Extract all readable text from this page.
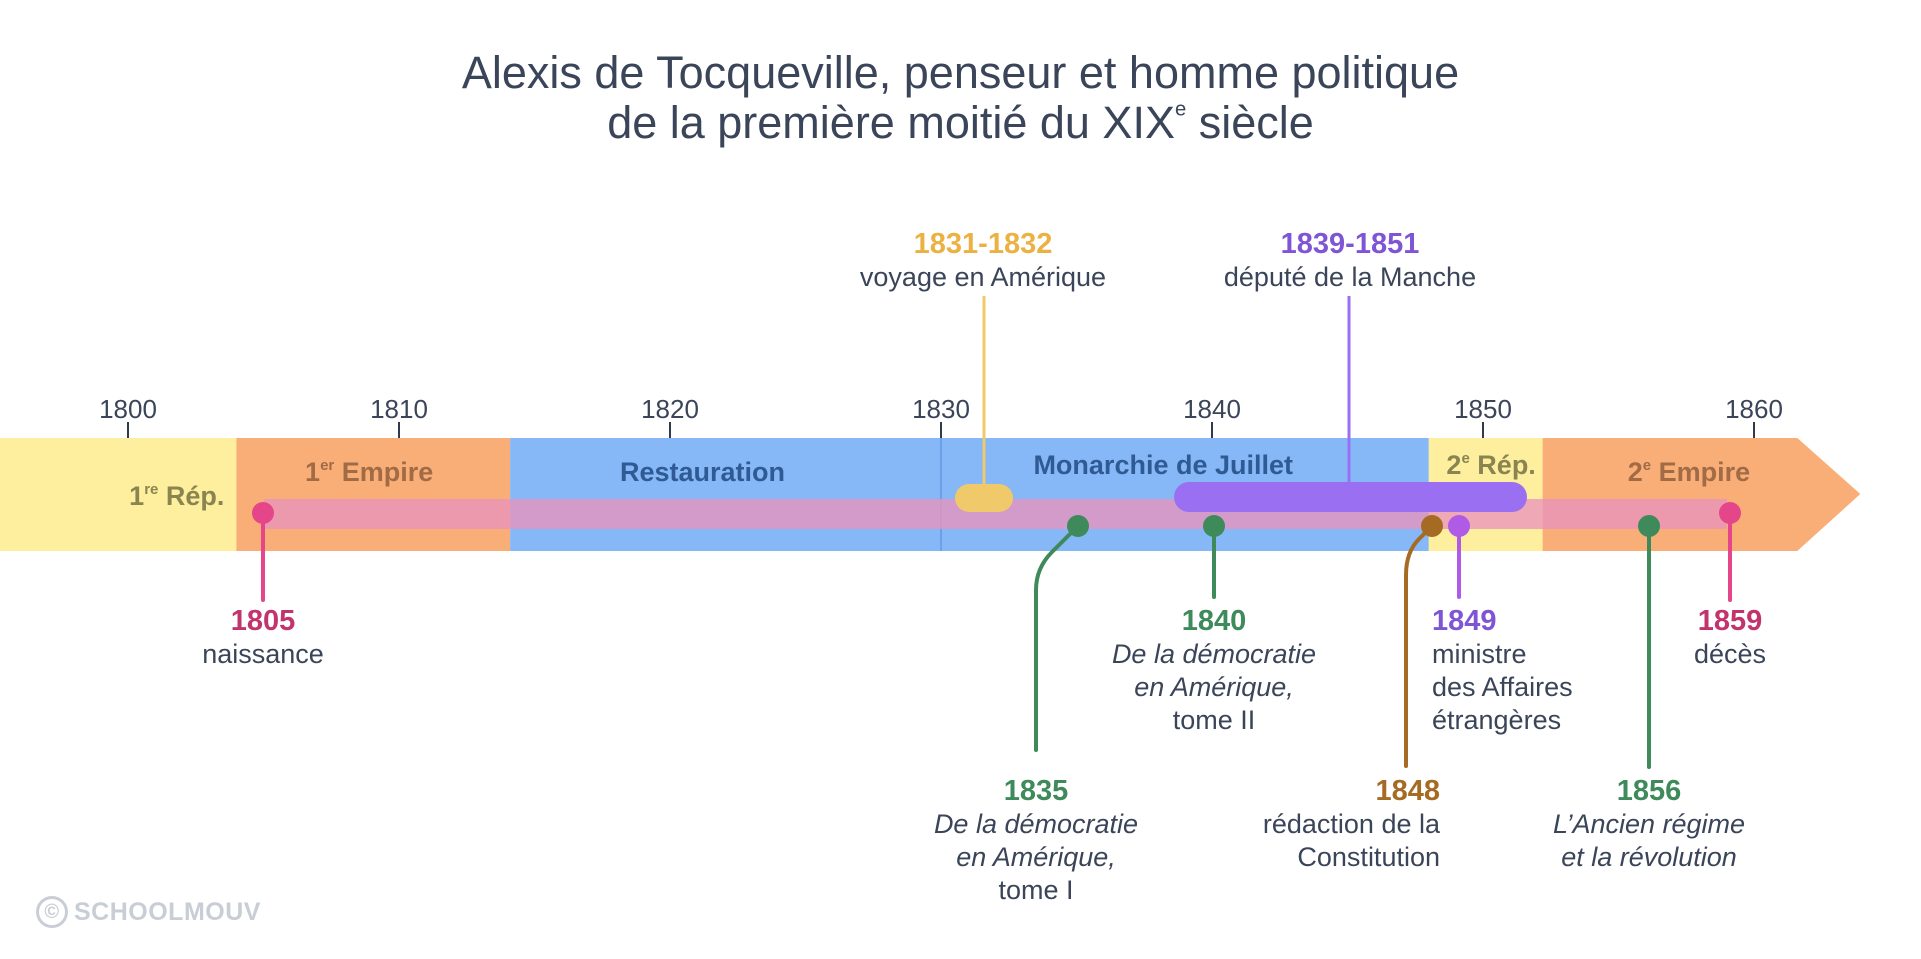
Alexis de Tocqueville, penseur et homme politique
de la première moitié du XIXe siècle
1800	1810	1820	1830	1840	1850	1860
1re Rép.
1er Empire	Restauration	Monarchie de Juillet	2e Rép.	2e Empire
1831-1832
voyage en Amérique
1839-1851
député de la Manche
1805
naissance
1840
De la démocratie
en Amérique,
tome II
1849
ministre
des Affaires
étrangères
1859
décès
1835
De la démocratie
en Amérique,
tome I
1848
rédaction de la
Constitution
1856
L’Ancien régime
et la révolution
© SCHOOLMOUV
